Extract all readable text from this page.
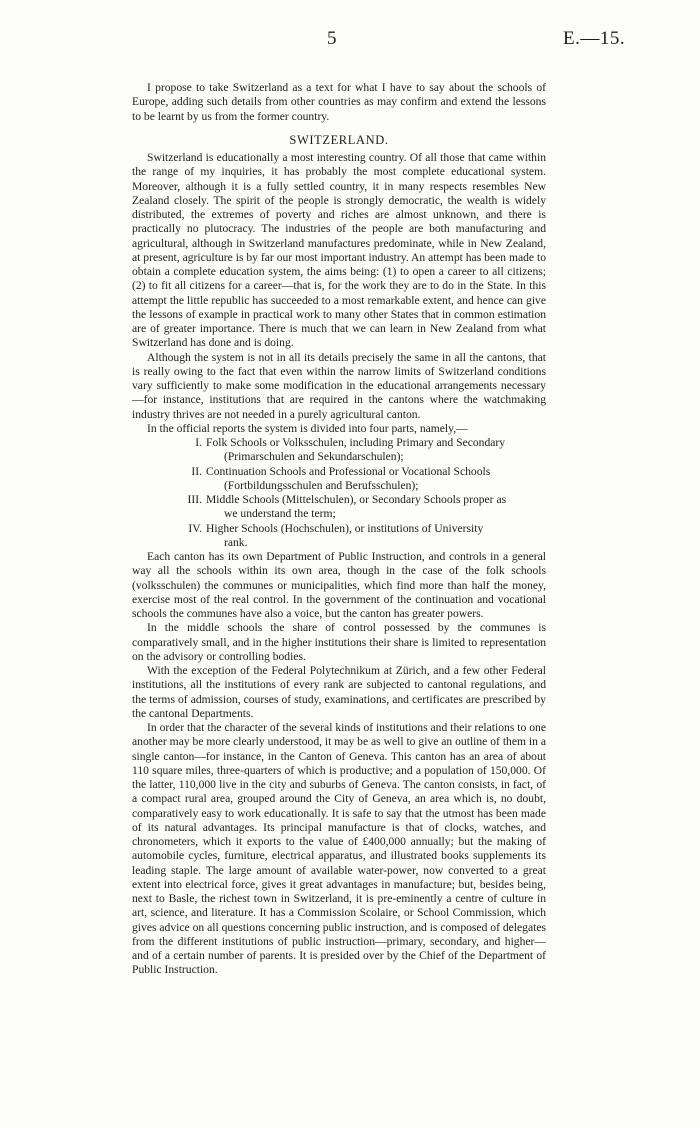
5	E.—15.

I propose to take Switzerland as a text for what I have to say about the schools of Europe, adding such details from other countries as may confirm and extend the lessons to be learnt by us from the former country.

SWITZERLAND.

Switzerland is educationally a most interesting country. Of all those that came within the range of my inquiries, it has probably the most complete educational system. Moreover, although it is a fully settled country, it in many respects resembles New Zealand closely. The spirit of the people is strongly democratic, the wealth is widely distributed, the extremes of poverty and riches are almost unknown, and there is practically no plutocracy. The industries of the people are both manufacturing and agricultural, although in Switzerland manufactures predominate, while in New Zealand, at present, agriculture is by far our most important industry. An attempt has been made to obtain a complete education system, the aims being: (1) to open a career to all citizens; (2) to fit all citizens for a career—that is, for the work they are to do in the State. In this attempt the little republic has succeeded to a most remarkable extent, and hence can give the lessons of example in practical work to many other States that in common estimation are of greater importance. There is much that we can learn in New Zealand from what Switzerland has done and is doing.

Although the system is not in all its details precisely the same in all the cantons, that is really owing to the fact that even within the narrow limits of Switzerland conditions vary sufficiently to make some modification in the educational arrangements necessary—for instance, institutions that are required in the cantons where the watchmaking industry thrives are not needed in a purely agricultural canton.

In the official reports the system is divided into four parts, namely,—

I. Folk Schools or Volksschulen, including Primary and Secondary
(Primarschulen and Sekundarschulen);
II. Continuation Schools and Professional or Vocational Schools
(Fortbildungsschulen and Berufsschulen);
III. Middle Schools (Mittelschulen), or Secondary Schools proper as
we understand the term;
IV. Higher Schools (Hochschulen), or institutions of University
rank.

Each canton has its own Department of Public Instruction, and controls in a general way all the schools within its own area, though in the case of the folk schools (volksschulen) the communes or municipalities, which find more than half the money, exercise most of the real control. In the government of the continuation and vocational schools the communes have also a voice, but the canton has greater powers.

In the middle schools the share of control possessed by the communes is comparatively small, and in the higher institutions their share is limited to representation on the advisory or controlling bodies.

With the exception of the Federal Polytechnikum at Zürich, and a few other Federal institutions, all the institutions of every rank are subjected to cantonal regulations, and the terms of admission, courses of study, examinations, and certificates are prescribed by the cantonal Departments.

In order that the character of the several kinds of institutions and their relations to one another may be more clearly understood, it may be as well to give an outline of them in a single canton—for instance, in the Canton of Geneva. This canton has an area of about 110 square miles, three-quarters of which is productive; and a population of 150,000. Of the latter, 110,000 live in the city and suburbs of Geneva. The canton consists, in fact, of a compact rural area, grouped around the City of Geneva, an area which is, no doubt, comparatively easy to work educationally. It is safe to say that the utmost has been made of its natural advantages. Its principal manufacture is that of clocks, watches, and chronometers, which it exports to the value of £400,000 annually; but the making of automobile cycles, furniture, electrical apparatus, and illustrated books supplements its leading staple. The large amount of available water-power, now converted to a great extent into electrical force, gives it great advantages in manufacture; but, besides being, next to Basle, the richest town in Switzerland, it is pre-eminently a centre of culture in art, science, and literature. It has a Commission Scolaire, or School Commission, which gives advice on all questions concerning public instruction, and is composed of delegates from the different institutions of public instruction—primary, secondary, and higher—and of a certain number of parents. It is presided over by the Chief of the Department of Public Instruction.
